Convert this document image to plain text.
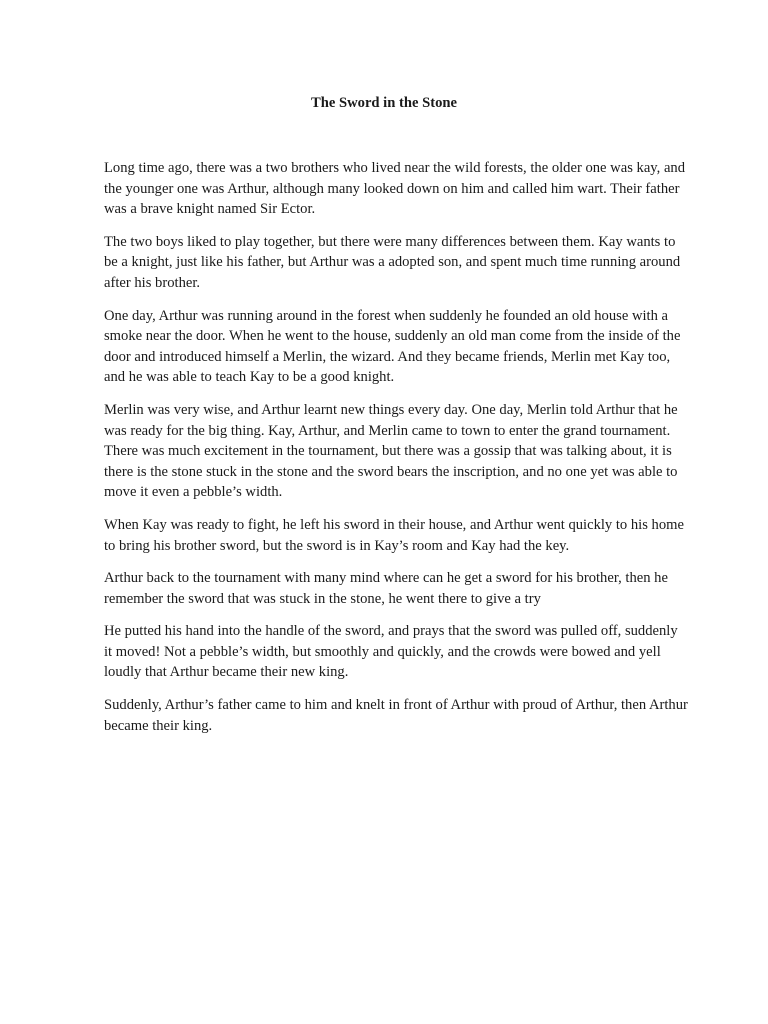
The Sword in the Stone

Long time ago, there was a two brothers who lived near the wild forests, the older one was kay, and the younger one was Arthur, although many looked down on him and called him wart. Their father was a brave knight named Sir Ector.

The two boys liked to play together, but there were many differences between them. Kay wants to be a knight, just like his father, but Arthur was a adopted son, and spent much time running around after his brother.

One day, Arthur was running around in the forest when suddenly he founded an old house with a smoke near the door. When he went to the house, suddenly an old man come from the inside of the door and introduced himself a Merlin, the wizard. And they became friends, Merlin met Kay too, and he was able to teach Kay to be a good knight.

Merlin was very wise, and Arthur learnt new things every day. One day, Merlin told Arthur that he was ready for the big thing. Kay, Arthur, and Merlin came to town to enter the grand tournament. There was much excitement in the tournament, but there was a gossip that was talking about, it is there is the stone stuck in the stone and the sword bears the inscription, and no one yet was able to move it even a pebble’s width.

When Kay was ready to fight, he left his sword in their house, and Arthur went quickly to his home to bring his brother sword, but the sword is in Kay’s room and Kay had the key.

Arthur back to the tournament with many mind where can he get a sword for his brother, then he remember the sword that was stuck in the stone, he went there to give a try

He putted his hand into the handle of the sword, and prays that the sword was pulled off, suddenly it moved! Not a pebble’s width, but smoothly and quickly, and the crowds were bowed and yell loudly that Arthur became their new king.

Suddenly, Arthur’s father came to him and knelt in front of Arthur with proud of Arthur, then Arthur became their king.
